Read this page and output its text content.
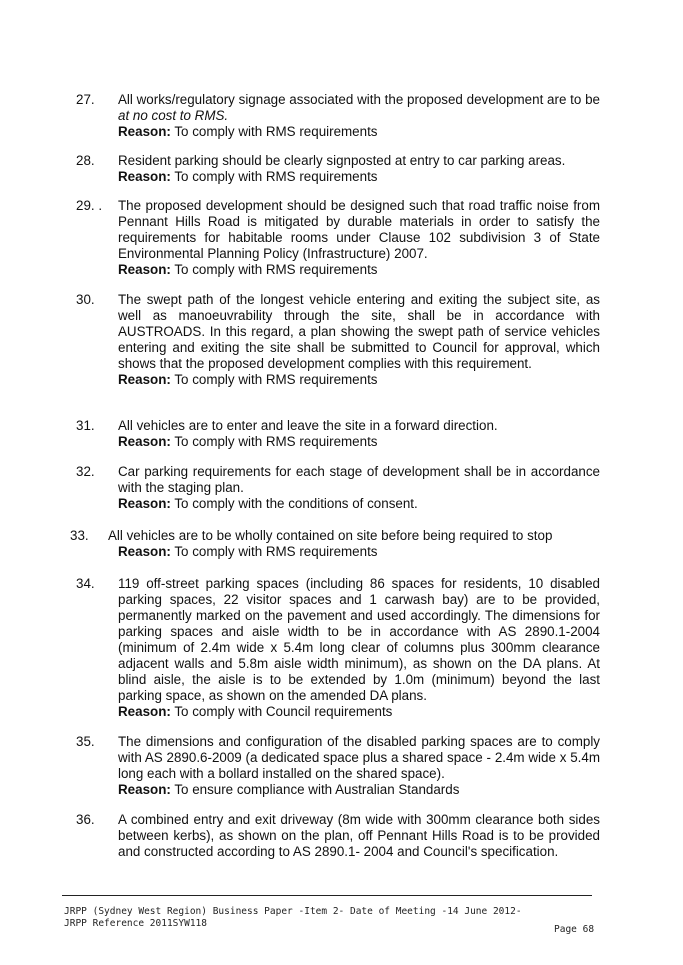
27.	All works/regulatory signage associated with the proposed development are to be at no cost to RMS.

Reason: To comply with RMS requirements

28.	Resident parking should be clearly signposted at entry to car parking areas.

Reason: To comply with RMS requirements

29. .	The proposed development should be designed such that road traffic noise from Pennant Hills Road is mitigated by durable materials in order to satisfy the requirements for habitable rooms under Clause 102 subdivision 3 of State Environmental Planning Policy (Infrastructure) 2007.

Reason: To comply with RMS requirements

30.	The swept path of the longest vehicle entering and exiting the subject site, as well as manoeuvrability through the site, shall be in accordance with AUSTROADS. In this regard, a plan showing the swept path of service vehicles entering and exiting the site shall be submitted to Council for approval, which shows that the proposed development complies with this requirement.

Reason: To comply with RMS requirements

31.	All vehicles are to enter and leave the site in a forward direction.

Reason: To comply with RMS requirements

32.	Car parking requirements for each stage of development shall be in accordance with the staging plan.

Reason: To comply with the conditions of consent.

33.	All vehicles are to be wholly contained on site before being required to stop

Reason: To comply with RMS requirements

34.	119 off-street parking spaces (including 86 spaces for residents, 10 disabled parking spaces, 22 visitor spaces and 1 carwash bay) are to be provided, permanently marked on the pavement and used accordingly. The dimensions for parking spaces and aisle width to be in accordance with AS 2890.1-2004 (minimum of 2.4m wide x 5.4m long clear of columns plus 300mm clearance adjacent walls and 5.8m aisle width minimum), as shown on the DA plans. At blind aisle, the aisle is to be extended by 1.0m (minimum) beyond the last parking space, as shown on the amended DA plans.

Reason: To comply with Council requirements

35.	The dimensions and configuration of the disabled parking spaces are to comply with AS 2890.6-2009 (a dedicated space plus a shared space - 2.4m wide x 5.4m long each with a bollard installed on the shared space).

Reason: To ensure compliance with Australian Standards

36.	A combined entry and exit driveway (8m wide with 300mm clearance both sides between kerbs), as shown on the plan, off Pennant Hills Road is to be provided and constructed according to AS 2890.1- 2004 and Council's specification.

JRPP (Sydney West Region) Business Paper -Item 2- Date of Meeting -14 June 2012-
JRPP Reference 2011SYW118
Page 68
